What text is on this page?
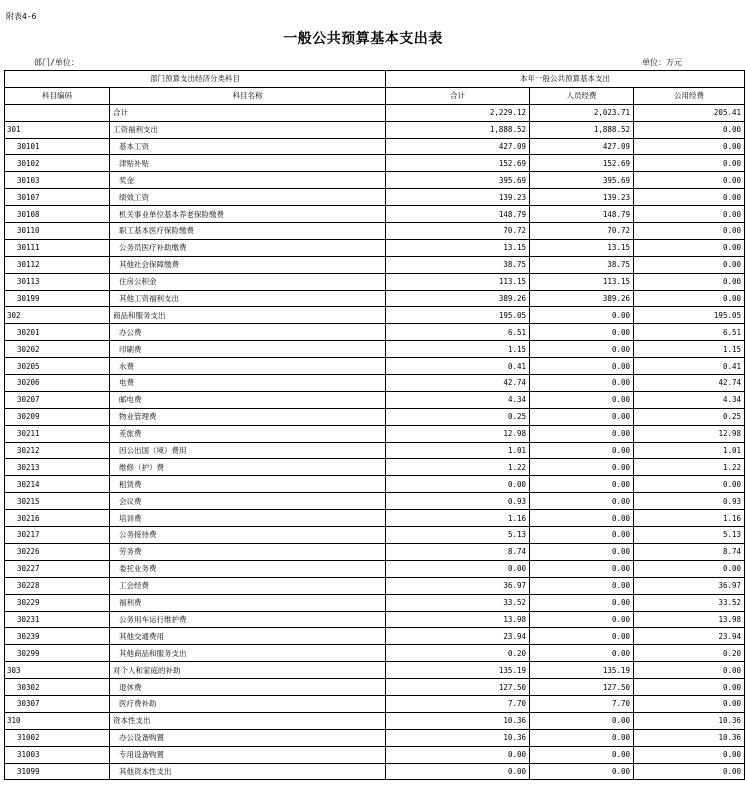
附表4-6
一般公共预算基本支出表
部门/单位：	单位：万元
部门预算支出经济分类科目		本年一般公共预算基本支出		
科目编码	科目名称	合计	人员经费	公用经费
	合计	2,229.12	2,023.71	205.41
301	工资福利支出	1,888.52	1,888.52	0.00
30101	基本工资	427.09	427.09	0.00
30102	津贴补贴	152.69	152.69	0.00
30103	奖金	395.69	395.69	0.00
30107	绩效工资	139.23	139.23	0.00
30108	机关事业单位基本养老保险缴费	148.79	148.79	0.00
30110	职工基本医疗保险缴费	70.72	70.72	0.00
30111	公务员医疗补助缴费	13.15	13.15	0.00
30112	其他社会保障缴费	38.75	38.75	0.00
30113	住房公积金	113.15	113.15	0.00
30199	其他工资福利支出	389.26	389.26	0.00
302	商品和服务支出	195.05	0.00	195.05
30201	办公费	6.51	0.00	6.51
30202	印刷费	1.15	0.00	1.15
30205	水费	0.41	0.00	0.41
30206	电费	42.74	0.00	42.74
30207	邮电费	4.34	0.00	4.34
30209	物业管理费	0.25	0.00	0.25
30211	差旅费	12.98	0.00	12.98
30212	因公出国（境）费用	1.01	0.00	1.01
30213	维修（护）费	1.22	0.00	1.22
30214	租赁费	0.00	0.00	0.00
30215	会议费	0.93	0.00	0.93
30216	培训费	1.16	0.00	1.16
30217	公务接待费	5.13	0.00	5.13
30226	劳务费	8.74	0.00	8.74
30227	委托业务费	0.00	0.00	0.00
30228	工会经费	36.97	0.00	36.97
30229	福利费	33.52	0.00	33.52
30231	公务用车运行维护费	13.98	0.00	13.98
30239	其他交通费用	23.94	0.00	23.94
30299	其他商品和服务支出	0.20	0.00	0.20
303	对个人和家庭的补助	135.19	135.19	0.00
30302	退休费	127.50	127.50	0.00
30307	医疗费补助	7.70	7.70	0.00
310	资本性支出	10.36	0.00	10.36
31002	办公设备购置	10.36	0.00	10.36
31003	专用设备购置	0.00	0.00	0.00
31099	其他资本性支出	0.00	0.00	0.00
